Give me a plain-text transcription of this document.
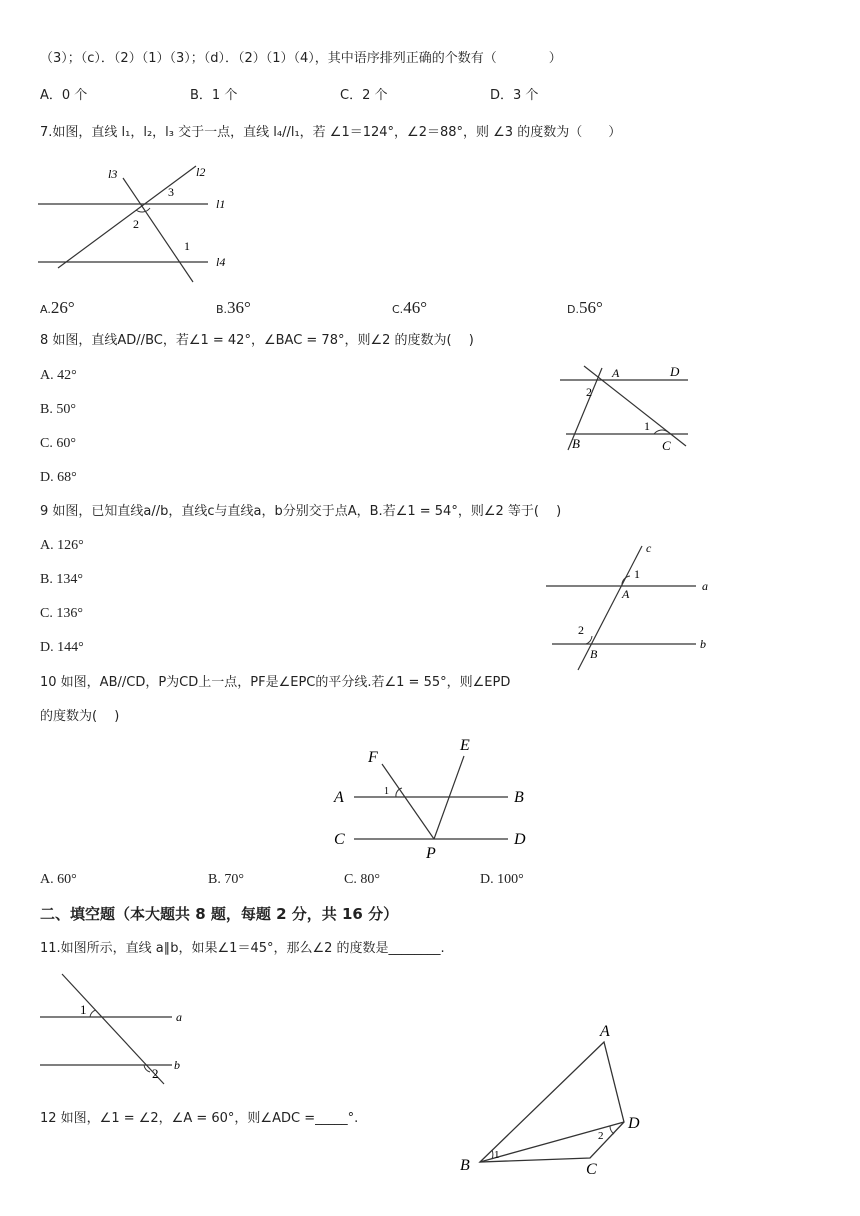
（3）；（c）．（2）（1）（3）；（d）．（2）（1）（4），其中语序排列正确的个数有（　　　　）
A．0 个	B．1 个	C．2 个	D．3 个
7.如图，直线 l₁，l₂，l₃ 交于一点，直线 l₄//l₁，若 ∠1＝124°，∠2＝88°，则 ∠3 的度数为（　　）
l3	l2
l1
l4
3
2
1
A.26°	B.36°	C.46°	D.56°
8 如图，直线AD//BC，若∠1 = 42°，∠BAC = 78°，则∠2 的度数为(　 )
A. 42°
B. 50°
C. 60°
D. 68°
A	D
B	C
2
1
9 如图，已知直线a//b，直线c与直线a，b分别交于点A，B.若∠1 = 54°，则∠2 等于(　 )
A. 126°
B. 134°
C. 136°
D. 144°
c
a
b
A
B
1
2
10 如图，AB//CD，P为CD上一点，PF是∠EPC的平分线.若∠1 = 55°，则∠EPD
的度数为(　 )
F
E
A	B
C	D
P
1
A. 60°	B. 70°	C. 80°	D. 100°
二、填空题（本大题共 8 题，每题 2 分，共 16 分）
11.如图所示，直线 a∥b，如果∠1＝45°，那么∠2 的度数是________.
a
b
1
2
12 如图，∠1 = ∠2，∠A = 60°，则∠ADC =_____°.
A
B	C
D
1
2
